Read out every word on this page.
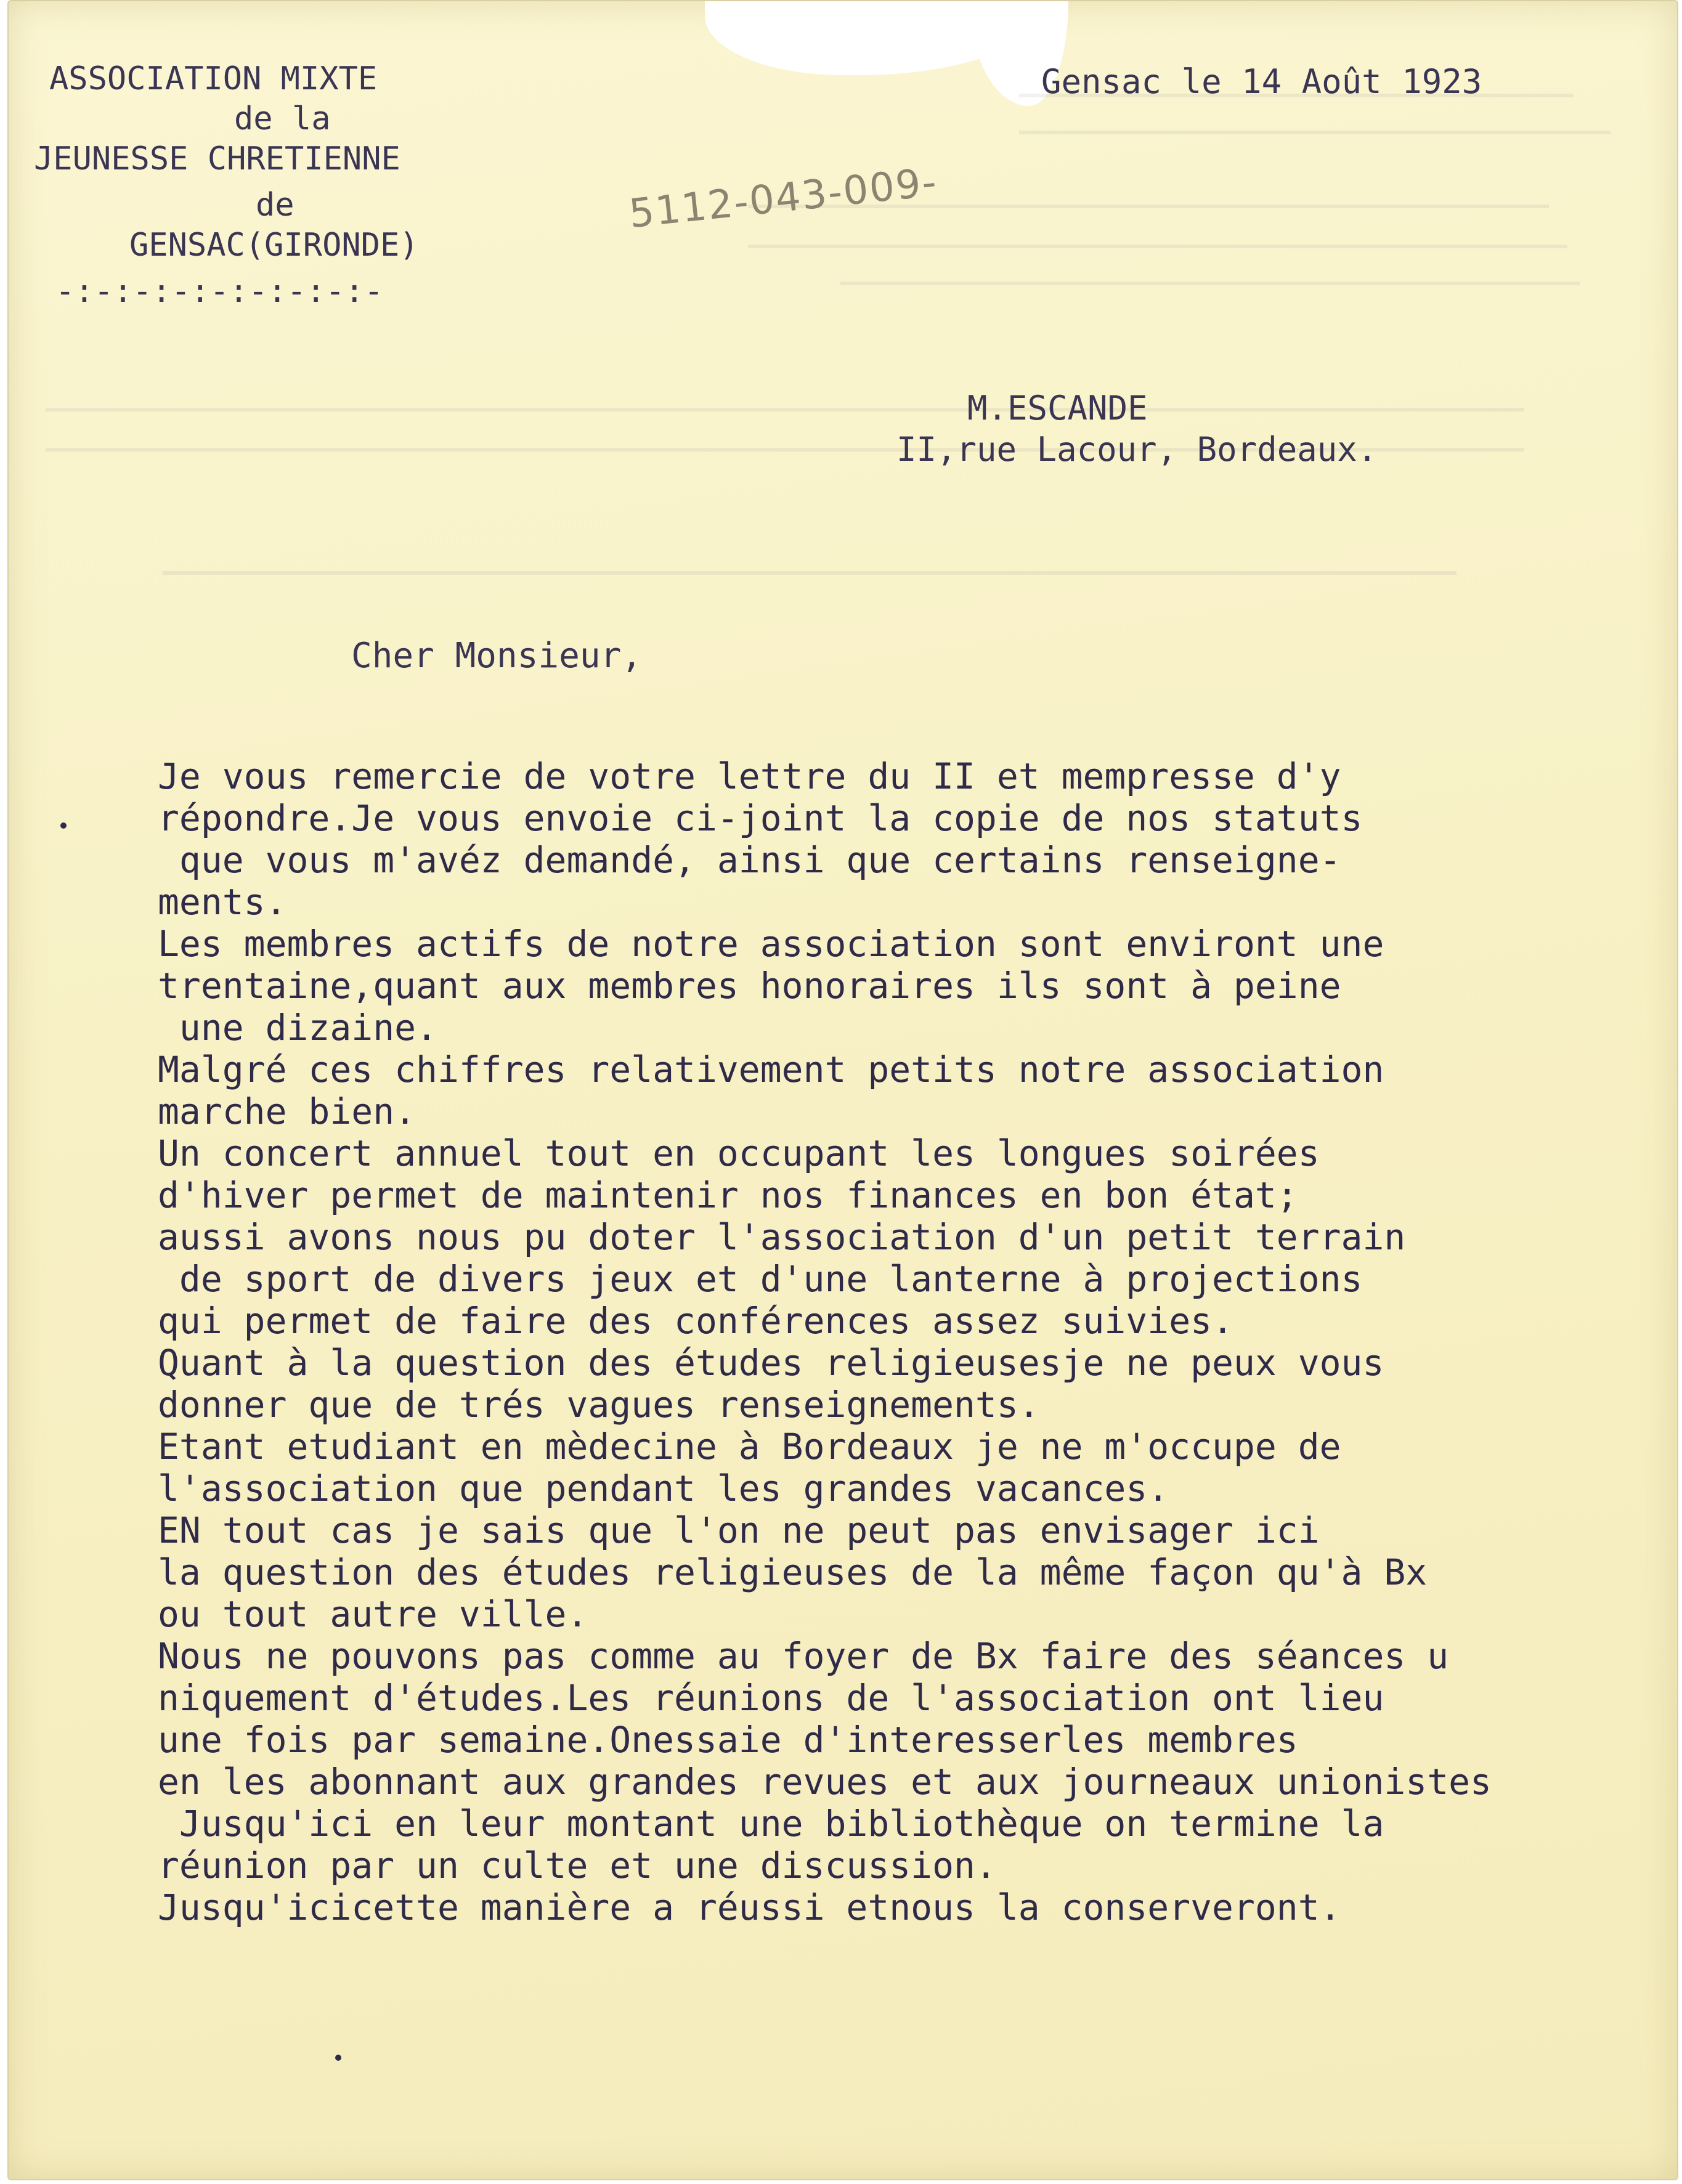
ASSOCIATION MIXTE
de la
JEUNESSE CHRETIENNE
de
GENSAC(GIRONDE)
-:-:-:-:-:-:-:-:-
Gensac le 14 Août 1923
5112-043-009-
M.ESCANDE
II,rue Lacour, Bordeaux.
Cher Monsieur,
Je vous remercie de votre lettre du II et mempresse d'y
répondre.Je vous envoie ci-joint la copie de nos statuts
que vous m'avéz demandé, ainsi que certains renseigne-
ments.
Les membres actifs de notre association sont environt une
trentaine,quant aux membres honoraires ils sont à peine
une dizaine.
Malgré ces chiffres relativement petits notre association
marche bien.
Un concert annuel tout en occupant les longues soirées
d'hiver permet de maintenir nos finances en bon état;
aussi avons nous pu doter l'association d'un petit terrain
de sport de divers jeux et d'une lanterne à projections
qui permet de faire des conférences assez suivies.
Quant à la question des études religieusesje ne peux vous
donner que de trés vagues renseignements.
Etant etudiant en mèdecine à Bordeaux je ne m'occupe de
l'association que pendant les grandes vacances.
EN tout cas je sais que l'on ne peut pas envisager ici
la question des études religieuses de la même façon qu'à Bx
ou tout autre ville.
Nous ne pouvons pas comme au foyer de Bx faire des séances u
niquement d'études.Les réunions de l'association ont lieu
une fois par semaine.Onessaie d'interesserles membres
en les abonnant aux grandes revues et aux journeaux unionistes
Jusqu'ici en leur montant une bibliothèque on termine la
réunion par un culte et une discussion.
Jusqu'icicette manière a réussi etnous la conserveront.
